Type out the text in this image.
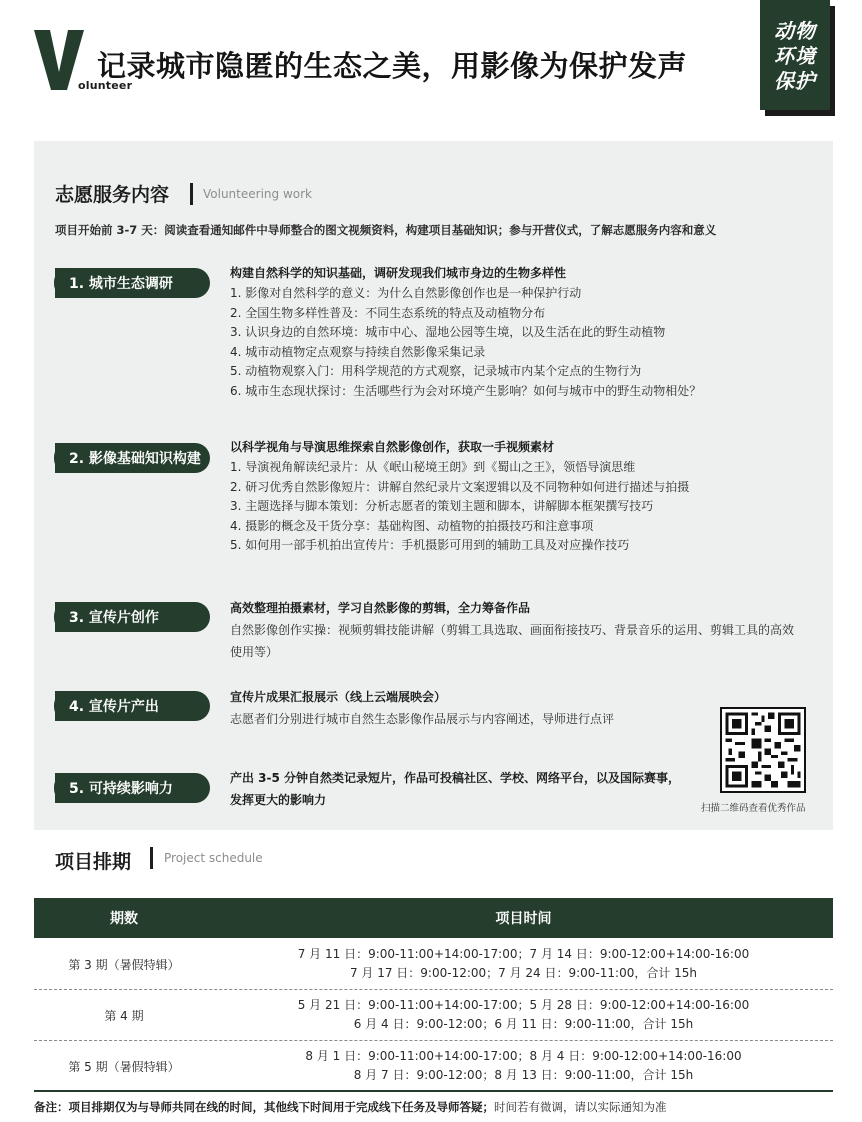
olunteer
记录城市隐匿的生态之美，用影像为保护发声
动物
环境
保护
志愿服务内容	Volunteering work
项目开始前 3-7 天：阅读查看通知邮件中导师整合的图文视频资料，构建项目基础知识；参与开营仪式，了解志愿服务内容和意义
1. 城市生态调研
构建自然科学的知识基础，调研发现我们城市身边的生物多样性
1. 影像对自然科学的意义：为什么自然影像创作也是一种保护行动
2. 全国生物多样性普及：不同生态系统的特点及动植物分布
3. 认识身边的自然环境：城市中心、湿地公园等生境，以及生活在此的野生动植物
4. 城市动植物定点观察与持续自然影像采集记录
5. 动植物观察入门：用科学规范的方式观察，记录城市内某个定点的生物行为
6. 城市生态现状探讨：生活哪些行为会对环境产生影响？如何与城市中的野生动物相处？
2. 影像基础知识构建
以科学视角与导演思维探索自然影像创作，获取一手视频素材
1. 导演视角解读纪录片：从《岷山秘境王朗》到《蜀山之王》，领悟导演思维
2. 研习优秀自然影像短片：讲解自然纪录片文案逻辑以及不同物种如何进行描述与拍摄
3. 主题选择与脚本策划：分析志愿者的策划主题和脚本，讲解脚本框架撰写技巧
4. 摄影的概念及干货分享：基础构图、动植物的拍摄技巧和注意事项
5. 如何用一部手机拍出宣传片：手机摄影可用到的辅助工具及对应操作技巧
3. 宣传片创作
高效整理拍摄素材，学习自然影像的剪辑，全力筹备作品
自然影像创作实操：视频剪辑技能讲解（剪辑工具选取、画面衔接技巧、背景音乐的运用、剪辑工具的高效使用等）
4. 宣传片产出
宣传片成果汇报展示（线上云端展映会）
志愿者们分别进行城市自然生态影像作品展示与内容阐述，导师进行点评
5. 可持续影响力
产出 3-5 分钟自然类记录短片，作品可投稿社区、学校、网络平台，以及国际赛事，发挥更大的影响力
扫描二维码查看优秀作品
项目排期	Project schedule
期数	项目时间
第 3 期（暑假特辑）
7 月 11 日：9:00-11:00+14:00-17:00；7 月 14 日：9:00-12:00+14:00-16:00
7 月 17 日：9:00-12:00；7 月 24 日：9:00-11:00，合计 15h
第 4 期
5 月 21 日：9:00-11:00+14:00-17:00；5 月 28 日：9:00-12:00+14:00-16:00
6 月 4 日：9:00-12:00；6 月 11 日：9:00-11:00，合计 15h
第 5 期（暑假特辑）
8 月 1 日：9:00-11:00+14:00-17:00；8 月 4 日：9:00-12:00+14:00-16:00
8 月 7 日：9:00-12:00；8 月 13 日：9:00-11:00，合计 15h
备注：项目排期仅为与导师共同在线的时间，其他线下时间用于完成线下任务及导师答疑；时间若有微调，请以实际通知为准
